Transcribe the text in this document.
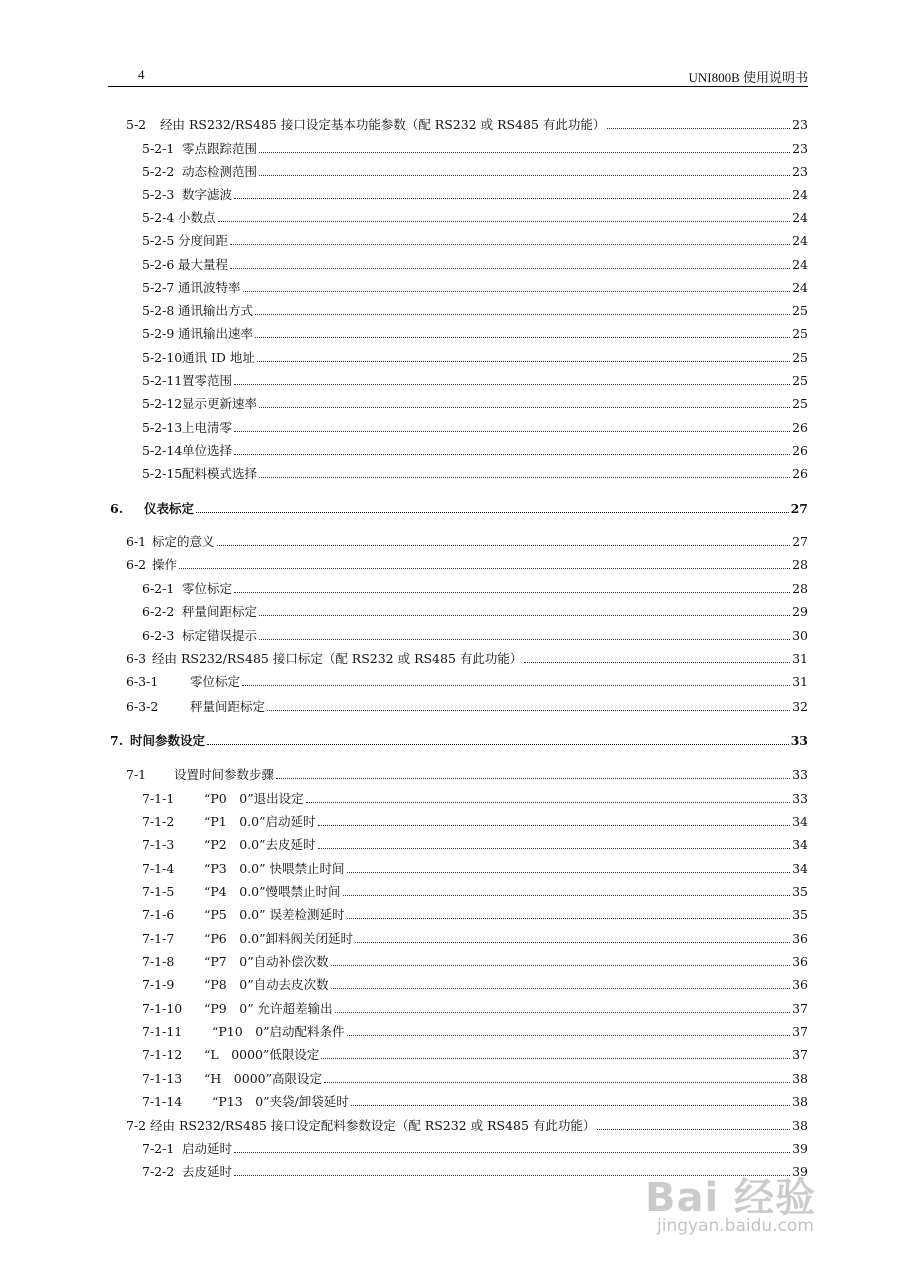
4	UNI800B 使用说明书
5-2	经由 RS232/RS485 接口设定基本功能参数（配 RS232 或 RS485 有此功能）	23
5-2-1 零点跟踪范围	23
5-2-2 动态检测范围	23
5-2-3 数字滤波	24
5-2-4 小数点	24
5-2-5 分度间距	24
5-2-6 最大量程	24
5-2-7 通讯波特率	24
5-2-8 通讯输出方式	25
5-2-9 通讯输出速率	25
5-2-10 通讯 ID 地址	25
5-2-11 置零范围	25
5-2-12 显示更新速率	25
5-2-13 上电清零	26
5-2-14 单位选择	26
5-2-15 配料模式选择	26
6.	仪表标定	27
6-1 标定的意义	27
6-2 操作	28
6-2-1 零位标定	28
6-2-2 秤量间距标定	29
6-2-3 标定错误提示	30
6-3 经由 RS232/RS485 接口标定（配 RS232 或 RS485 有此功能）	31
6-3-1	零位标定	31
6-3-2	秤量间距标定	32
7. 时间参数设定	33
7-1	设置时间参数步骤	33
7-1-1	“P0　0”退出设定	33
7-1-2	“P1　0.0”启动延时	34
7-1-3	“P2　0.0”去皮延时	34
7-1-4	“P3　0.0” 快喂禁止时间	34
7-1-5	“P4　0.0”慢喂禁止时间	35
7-1-6	“P5　0.0” 误差检测延时	35
7-1-7	“P6　0.0”卸料阀关闭延时	36
7-1-8	“P7　0”自动补偿次数	36
7-1-9	“P8　0”自动去皮次数	36
7-1-10	“P9　0” 允许超差输出	37
7-1-11	“P10　0”启动配料条件	37
7-1-12	“L　0000”低限设定	37
7-1-13	“H　0000”高限设定	38
7-1-14	“P13　0”夹袋/卸袋延时	38
7-2 经由 RS232/RS485 接口设定配料参数设定（配 RS232 或 RS485 有此功能）	38
7-2-1 启动延时	39
7-2-2 去皮延时	39
Bai 经验
jingyan.baidu.com
